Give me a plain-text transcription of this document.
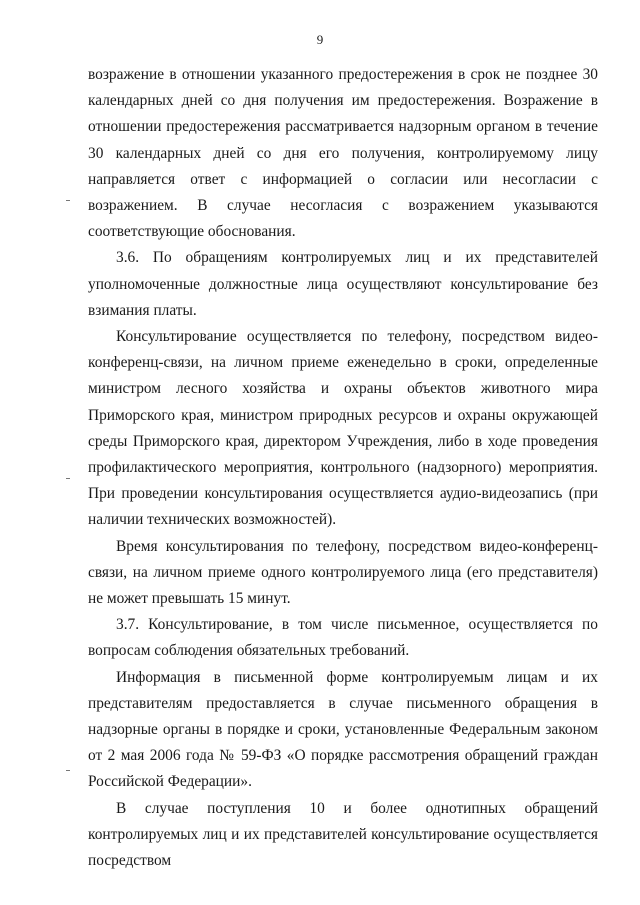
9

возражение в отношении указанного предостережения в срок не позднее 30 календарных дней со дня получения им предостережения. Возражение в отношении предостережения рассматривается надзорным органом в течение 30 календарных дней со дня его получения, контролируемому лицу направляется ответ с информацией о согласии или несогласии с возражением. В случае несогласия с возражением указываются соответствующие обоснования.

3.6. По обращениям контролируемых лиц и их представителей уполномоченные должностные лица осуществляют консультирование без взимания платы.

Консультирование осуществляется по телефону, посредством видео-конференц-связи, на личном приеме еженедельно в сроки, определенные министром лесного хозяйства и охраны объектов животного мира Приморского края, министром природных ресурсов и охраны окружающей среды Приморского края, директором Учреждения, либо в ходе проведения профилактического мероприятия, контрольного (надзорного) мероприятия. При проведении консультирования осуществляется аудио-видеозапись (при наличии технических возможностей).

Время консультирования по телефону, посредством видео-конференц-связи, на личном приеме одного контролируемого лица (его представителя) не может превышать 15 минут.

3.7. Консультирование, в том числе письменное, осуществляется по вопросам соблюдения обязательных требований.

Информация в письменной форме контролируемым лицам и их представителям предоставляется в случае письменного обращения в надзорные органы в порядке и сроки, установленные Федеральным законом от 2 мая 2006 года № 59-ФЗ «О порядке рассмотрения обращений граждан Российской Федерации».

В случае поступления 10 и более однотипных обращений контролируемых лиц и их представителей консультирование осуществляется посредством
